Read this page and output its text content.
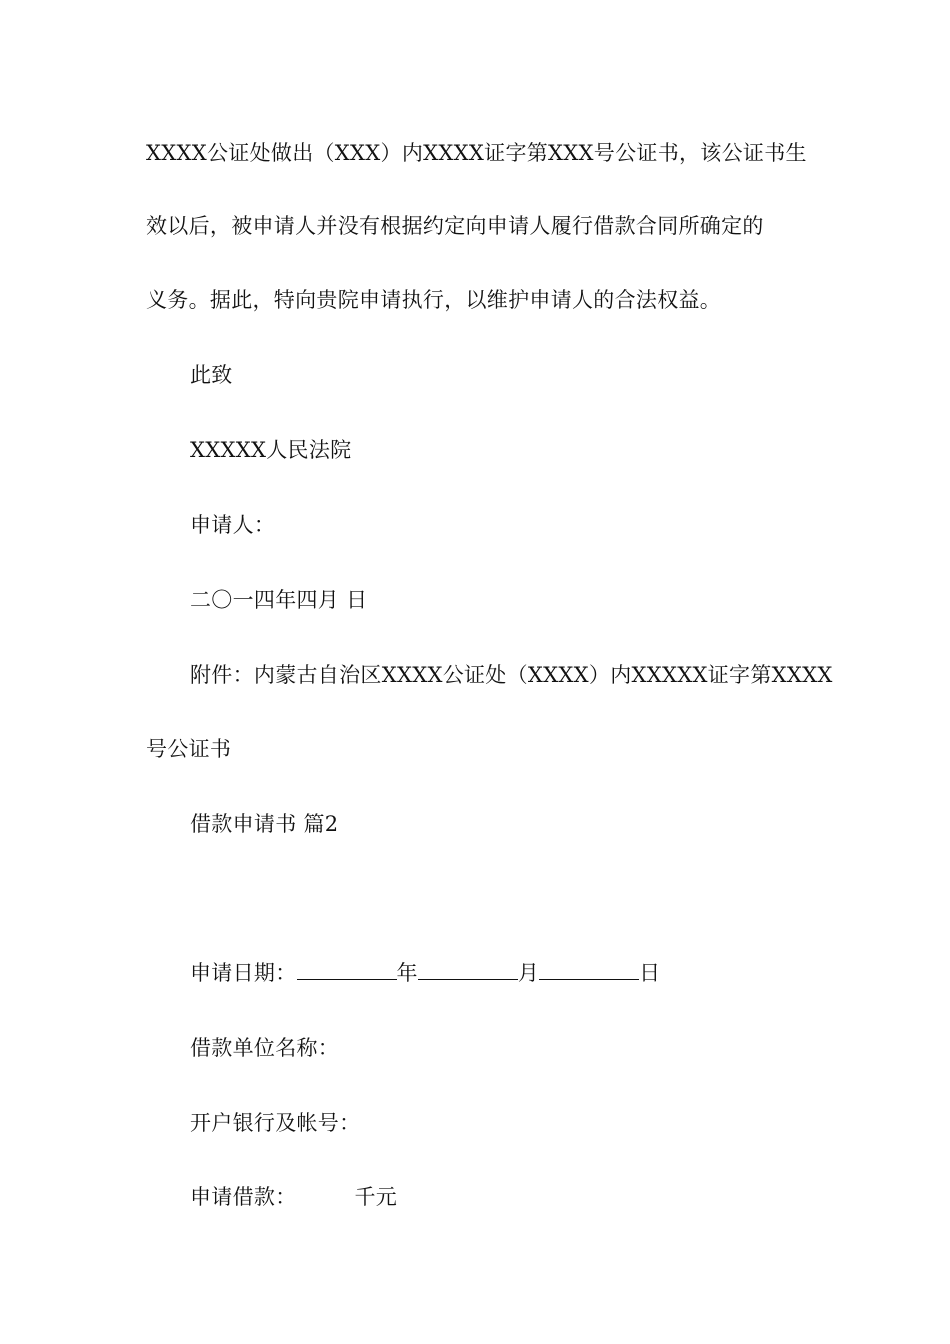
XXXX公证处做出（XXX）内XXXX证字第XXX号公证书，该公证书生
效以后，被申请人并没有根据约定向申请人履行借款合同所确定的
义务。据此，特向贵院申请执行，以维护申请人的合法权益。
此致
XXXXX人民法院
申请人：
二〇一四年四月 日
附件：内蒙古自治区XXXX公证处（XXXX）内XXXXX证字第XXXX
号公证书
借款申请书 篇2
申请日期：	年	月	日
借款单位名称：
开户银行及帐号：
申请借款：	千元
